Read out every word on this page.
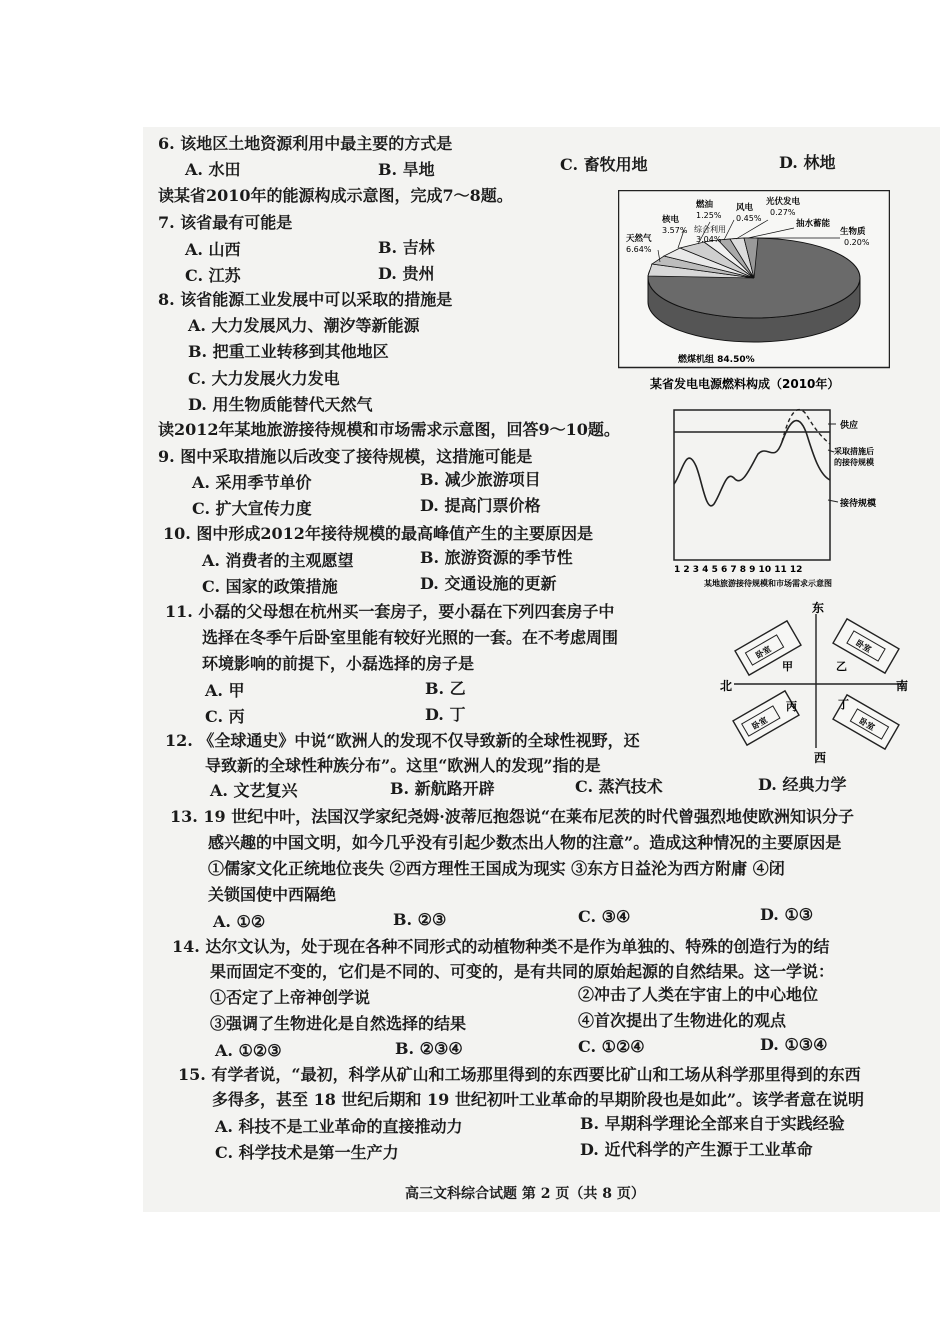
6. 该地区土地资源利用中最主要的方式是
A. 水田	B. 旱地	C. 畜牧用地	D. 林地
读某省2010年的能源构成示意图，完成7～8题。
7. 该省最有可能是
A. 山西	B. 吉林
C. 江苏	D. 贵州
8. 该省能源工业发展中可以采取的措施是
A. 大力发展风力、潮汐等新能源
B. 把重工业转移到其他地区
C. 大力发展火力发电
D. 用生物质能替代天然气
天然气
6.64%
核电
3.57%
燃油
1.25%
综合利用
3.04%
风电
0.45%
光伏发电
0.27%
抽水蓄能
生物质
0.20%
燃煤机组 84.50%
某省发电电源燃料构成（2010年）
读2012年某地旅游接待规模和市场需求示意图，回答9～10题。
9. 图中采取措施以后改变了接待规模，这措施可能是
A. 采用季节单价	B. 减少旅游项目
C. 扩大宣传力度	D. 提高门票价格
10. 图中形成2012年接待规模的最高峰值产生的主要原因是
A. 消费者的主观愿望	B. 旅游资源的季节性
C. 国家的政策措施	D. 交通设施的更新
供应
采取措施后
的接待规模
接待规模
1 2 3 4 5 6 7 8 9 10 11 12
某地旅游接待规模和市场需求示意图
11. 小磊的父母想在杭州买一套房子，要小磊在下列四套房子中
选择在冬季午后卧室里能有较好光照的一套。在不考虑周围
环境影响的前提下，小磊选择的房子是
A. 甲	B. 乙
C. 丙	D. 丁
东
西
北	南
卧室
甲
卧室
乙
卧室
丙
卧室
丁
12. 《全球通史》中说“欧洲人的发现不仅导致新的全球性视野，还
导致新的全球性种族分布”。这里“欧洲人的发现”指的是
A. 文艺复兴	B. 新航路开辟	C. 蒸汽技术	D. 经典力学
13. 19 世纪中叶，法国汉学家纪尧姆·波蒂厄抱怨说“在莱布尼茨的时代曾强烈地使欧洲知识分子
感兴趣的中国文明，如今几乎没有引起少数杰出人物的注意”。造成这种情况的主要原因是
①儒家文化正统地位丧失 ②西方理性王国成为现实 ③东方日益沦为西方附庸 ④闭
关锁国使中西隔绝
A. ①②	B. ②③	C. ③④	D. ①③
14. 达尔文认为，处于现在各种不同形式的动植物种类不是作为单独的、特殊的创造行为的结
果而固定不变的，它们是不同的、可变的，是有共同的原始起源的自然结果。这一学说：
①否定了上帝神创学说	②冲击了人类在宇宙上的中心地位
③强调了生物进化是自然选择的结果	④首次提出了生物进化的观点
A. ①②③	B. ②③④	C. ①②④	D. ①③④
15. 有学者说，“最初，科学从矿山和工场那里得到的东西要比矿山和工场从科学那里得到的东西
多得多，甚至 18 世纪后期和 19 世纪初叶工业革命的早期阶段也是如此”。该学者意在说明
A. 科技不是工业革命的直接推动力	B. 早期科学理论全部来自于实践经验
C. 科学技术是第一生产力	D. 近代科学的产生源于工业革命
高三文科综合试题 第 2 页（共 8 页）
